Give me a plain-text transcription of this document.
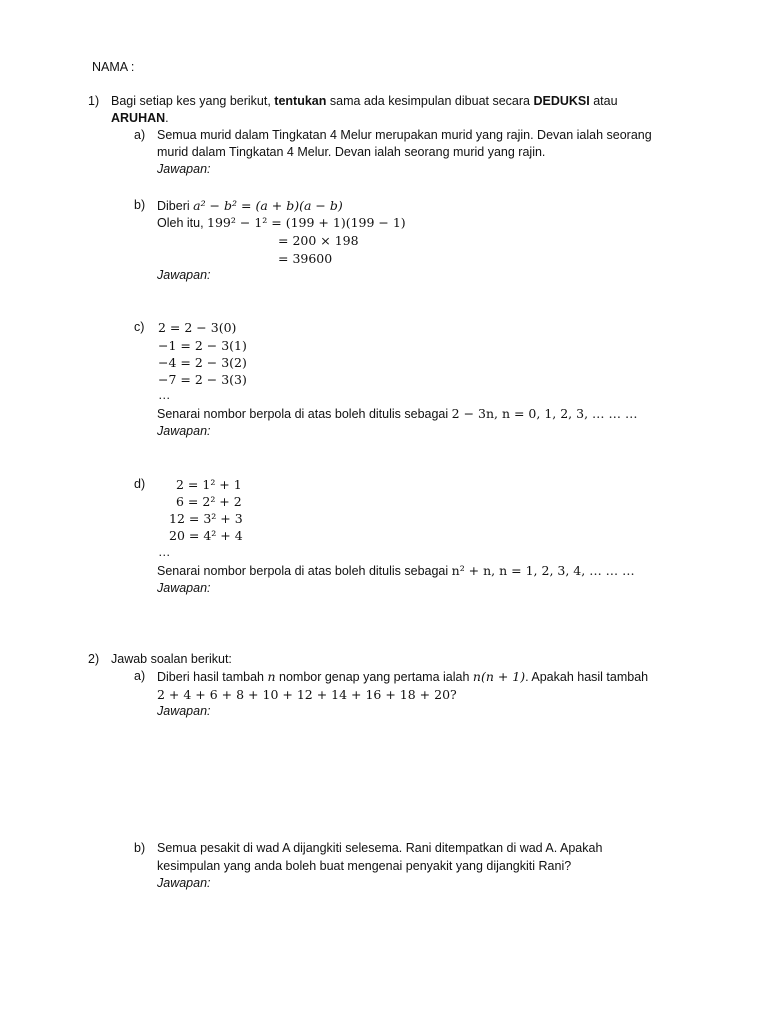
NAMA :
1) Bagi setiap kes yang berikut, tentukan sama ada kesimpulan dibuat secara DEDUKSI atau
ARUHAN.
a) Semua murid dalam Tingkatan 4 Melur merupakan murid yang rajin. Devan ialah seorang
murid dalam Tingkatan 4 Melur. Devan ialah seorang murid yang rajin.
Jawapan:
b) Diberi a² − b² = (a + b)(a − b)
Oleh itu, 199² − 1² = (199 + 1)(199 − 1)
= 200 × 198
= 39600
Jawapan:
c) 2 = 2 − 3(0)
−1 = 2 − 3(1)
−4 = 2 − 3(2)
−7 = 2 − 3(3)
…
Senarai nombor berpola di atas boleh ditulis sebagai 2 − 3n, n = 0, 1, 2, 3, … … …
Jawapan:
d) 2 = 1² + 1
6 = 2² + 2
12 = 3² + 3
20 = 4² + 4
…
Senarai nombor berpola di atas boleh ditulis sebagai n² + n, n = 1, 2, 3, 4, … … …
Jawapan:
2) Jawab soalan berikut:
a) Diberi hasil tambah n nombor genap yang pertama ialah n(n + 1). Apakah hasil tambah
2 + 4 + 6 + 8 + 10 + 12 + 14 + 16 + 18 + 20?
Jawapan:
b) Semua pesakit di wad A dijangkiti selesema. Rani ditempatkan di wad A. Apakah
kesimpulan yang anda boleh buat mengenai penyakit yang dijangkiti Rani?
Jawapan:
